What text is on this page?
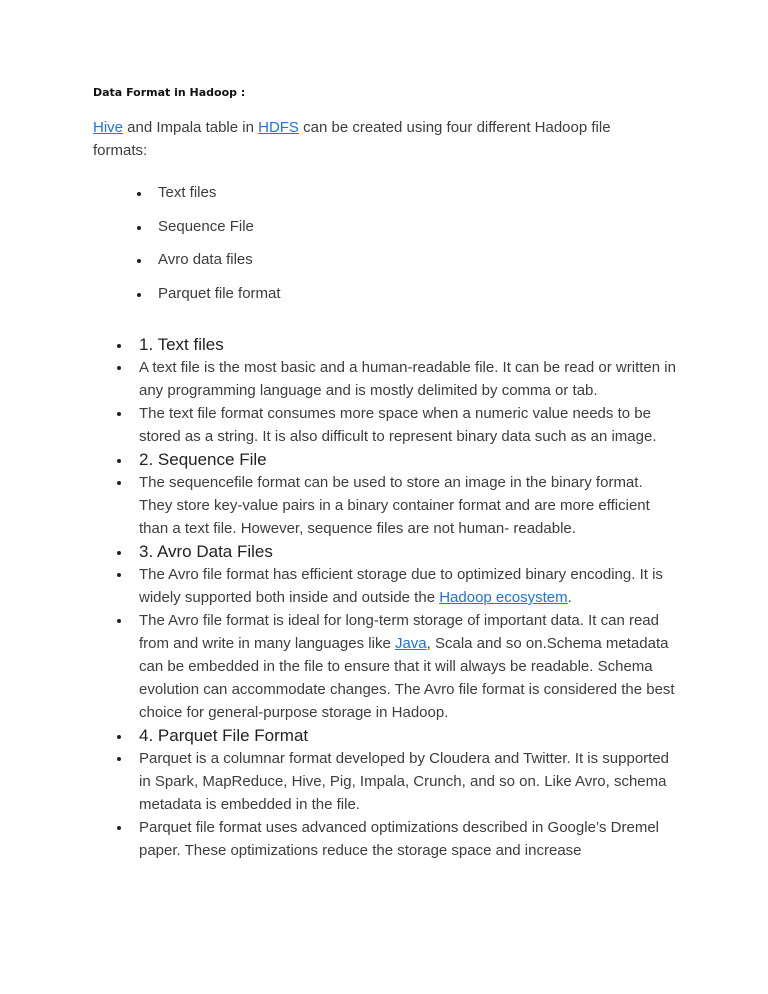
Data Format in Hadoop :

Hive and Impala table in HDFS can be created using four different Hadoop file formats:

Text files
Sequence File
Avro data files
Parquet file format
1. Text files
A text file is the most basic and a human-readable file. It can be read or written in any programming language and is mostly delimited by comma or tab.
The text file format consumes more space when a numeric value needs to be stored as a string. It is also difficult to represent binary data such as an image.
2. Sequence File
The sequencefile format can be used to store an image in the binary format. They store key-value pairs in a binary container format and are more efficient than a text file. However, sequence files are not human- readable.
3. Avro Data Files
The Avro file format has efficient storage due to optimized binary encoding. It is widely supported both inside and outside the Hadoop ecosystem.
The Avro file format is ideal for long-term storage of important data. It can read from and write in many languages like Java, Scala and so on.Schema metadata can be embedded in the file to ensure that it will always be readable. Schema evolution can accommodate changes. The Avro file format is considered the best choice for general-purpose storage in Hadoop.
4. Parquet File Format
Parquet is a columnar format developed by Cloudera and Twitter. It is supported in Spark, MapReduce, Hive, Pig, Impala, Crunch, and so on. Like Avro, schema metadata is embedded in the file.
Parquet file format uses advanced optimizations described in Google’s Dremel paper. These optimizations reduce the storage space and increase
